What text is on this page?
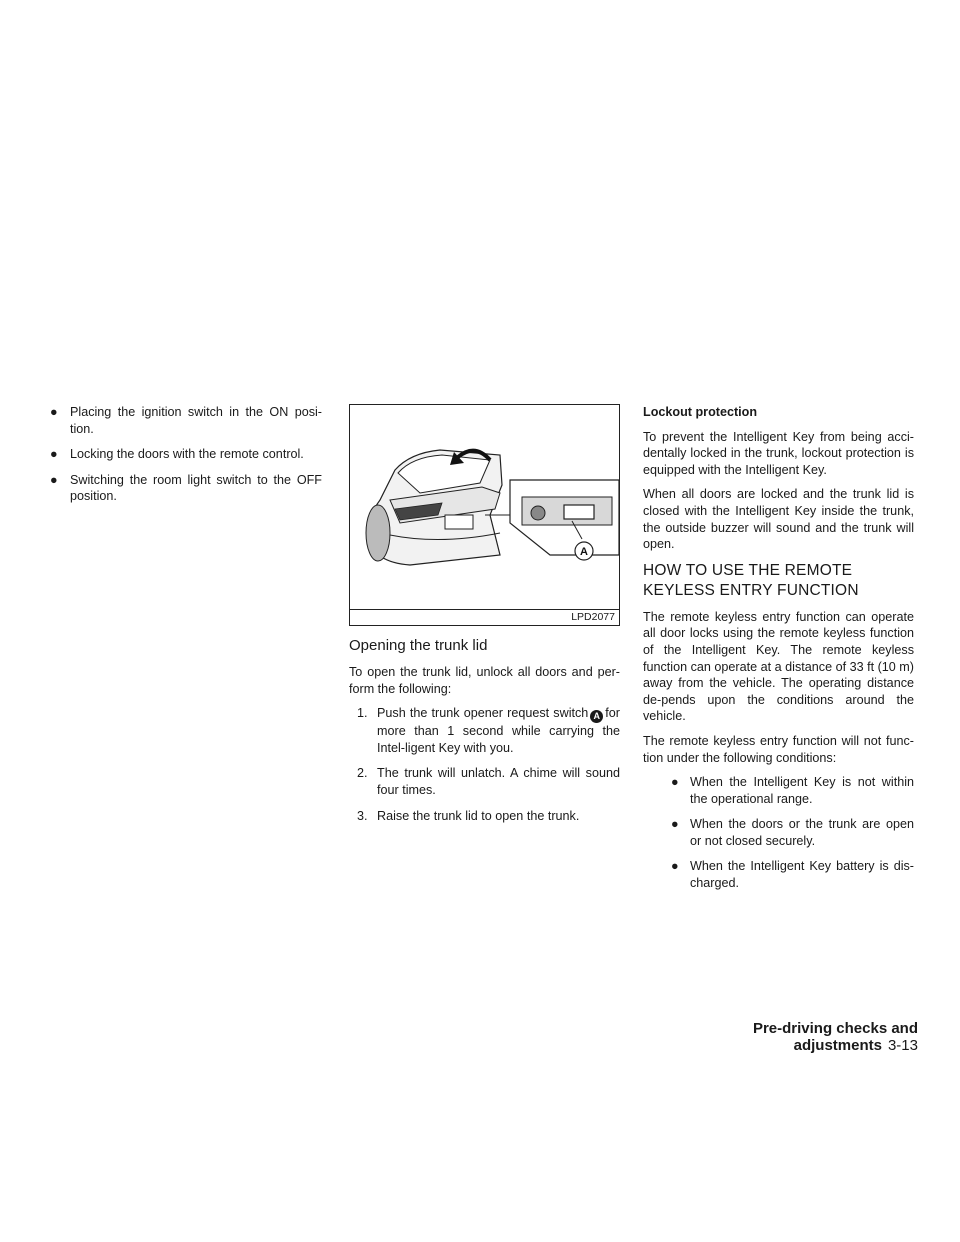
● Placing the ignition switch in the ON posi-tion.
● Locking the doors with the remote control.
● Switching the room light switch to the OFF position.
A
LPD2077
Opening the trunk lid

To open the trunk lid, unlock all doors and per-form the following:

1. Push the trunk opener request switch A for more than 1 second while carrying the Intel-ligent Key with you.
2. The trunk will unlatch. A chime will sound four times.
3. Raise the trunk lid to open the trunk.
Lockout protection

To prevent the Intelligent Key from being acci-dentally locked in the trunk, lockout protection is equipped with the Intelligent Key.

When all doors are locked and the trunk lid is closed with the Intelligent Key inside the trunk, the outside buzzer will sound and the trunk will open.

HOW TO USE THE REMOTE
KEYLESS ENTRY FUNCTION

The remote keyless entry function can operate all door locks using the remote keyless function of the Intelligent Key. The remote keyless function can operate at a distance of 33 ft (10 m) away from the vehicle. The operating distance de-pends upon the conditions around the vehicle.

The remote keyless entry function will not func-tion under the following conditions:

● When the Intelligent Key is not within the operational range.
● When the doors or the trunk are open or not closed securely.
● When the Intelligent Key battery is dis-charged.
Pre-driving checks and adjustments 3-13
